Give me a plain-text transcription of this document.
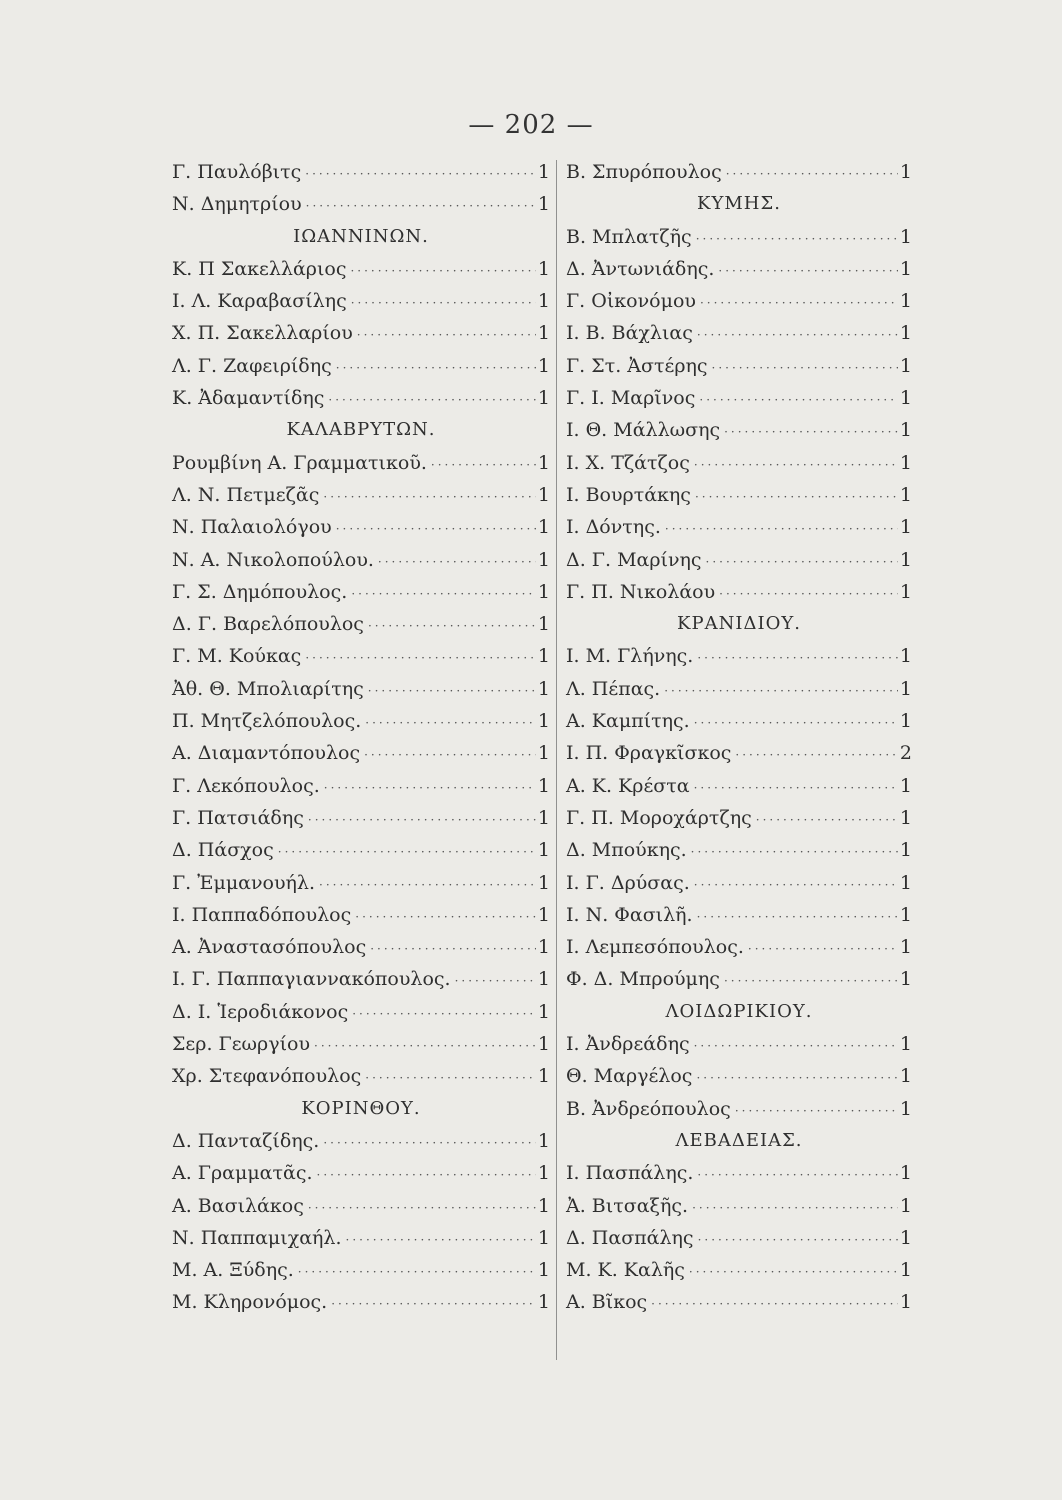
— 202 —
Γ. Παυλόβιτς ·····	1
Ν. Δημητρίου ·····	1
ΙΩΑΝΝΙΝΩΝ.
Κ. Π Σακελλάριος ·····	1
Ι. Λ. Καραβασίλης ·····	1
Χ. Π. Σακελλαρίου ·····	1
Λ. Γ. Ζαφειρίδης ·····	1
Κ. Ἀδαμαντίδης ·····	1
ΚΑΛΑΒΡΥΤΩΝ.
Ρουμβίνη Α. Γραμματικοῦ. ·····	1
Λ. Ν. Πετμεζᾶς ·····	1
Ν. Παλαιολόγου ·····	1
Ν. Α. Νικολοπούλου. ·····	1
Γ. Σ. Δημόπουλος. ·····	1
Δ. Γ. Βαρελόπουλος ·····	1
Γ. Μ. Κούκας ·····	1
Ἀθ. Θ. Μπολιαρίτης ·····	1
Π. Μητζελόπουλος. ·····	1
Α. Διαμαντόπουλος ·····	1
Γ. Λεκόπουλος. ·····	1
Γ. Πατσιάδης ·····	1
Δ. Πάσχος ·····	1
Γ. Ἐμμανουήλ. ·····	1
Ι. Παππαδόπουλος ·····	1
Α. Ἀναστασόπουλος ·····	1
Ι. Γ. Παππαγιαννακόπουλος. ·····	1
Δ. Ι. Ἱεροδιάκονος ·····	1
Σερ. Γεωργίου ·····	1
Χρ. Στεφανόπουλος ·····	1
ΚΟΡΙΝΘΟΥ.
Δ. Πανταζίδης. ·····	1
Α. Γραμματᾶς. ·····	1
Α. Βασιλάκος ·····	1
Ν. Παππαμιχαήλ. ·····	1
Μ. Α. Ξύδης. ·····	1
Μ. Κληρονόμος. ·····	1
Β. Σπυρόπουλος ·····	1
ΚΥΜΗΣ.
Β. Μπλατζῆς ·····	1
Δ. Ἀντωνιάδης. ·····	1
Γ. Οἰκονόμου ·····	1
Ι. Β. Βάχλιας ·····	1
Γ. Στ. Ἀστέρης ·····	1
Γ. Ι. Μαρῖνος ·····	1
Ι. Θ. Μάλλωσης ·····	1
Ι. Χ. Τζάτζος ·····	1
Ι. Βουρτάκης ·····	1
Ι. Δόντης. ·····	1
Δ. Γ. Μαρίνης ·····	1
Γ. Π. Νικολάου ·····	1
ΚΡΑΝΙΔΙΟΥ.
Ι. Μ. Γλήνης. ·····	1
Λ. Πέπας. ·····	1
Α. Καμπίτης. ·····	1
Ι. Π. Φραγκῖσκος ·····	2
Α. Κ. Κρέστα ·····	1
Γ. Π. Μοροχάρτζης ·····	1
Δ. Μπούκης. ·····	1
Ι. Γ. Δρύσας. ·····	1
Ι. Ν. Φασιλῆ. ·····	1
Ι. Λεμπεσόπουλος. ·····	1
Φ. Δ. Μπρούμης ·····	1
ΛΟΙΔΩΡΙΚΙΟΥ.
Ι. Ἀνδρεάδης ·····	1
Θ. Μαργέλος ·····	1
Β. Ἀνδρεόπουλος ·····	1
ΛΕΒΑΔΕΙΑΣ.
Ι. Πασπάλης. ·····	1
Ἀ. Βιτσαξῆς. ·····	1
Δ. Πασπάλης ·····	1
Μ. Κ. Καλῆς ·····	1
Α. Βῖκος ·····	1
